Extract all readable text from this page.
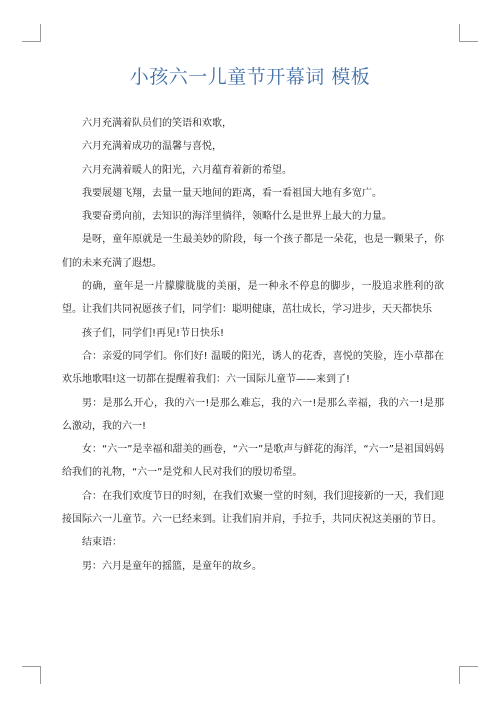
小孩六一儿童节开幕词 模板

六月充满着队员们的笑语和欢歌，

六月充满着成功的温馨与喜悦，

六月充满着暖人的阳光，六月蕴育着新的希望。

我要展翅飞翔，去量一量天地间的距离，看一看祖国大地有多宽广。

我要奋勇向前，去知识的海洋里徜徉，领略什么是世界上最大的力量。

是呀，童年原就是一生最美妙的阶段，每一个孩子都是一朵花，也是一颗果子，你们的未来充满了遐想。

的确，童年是一片朦朦胧胧的美丽，是一种永不停息的脚步，一股追求胜利的欲望。让我们共同祝愿孩子们，同学们：聪明健康，茁壮成长，学习进步，天天都快乐

孩子们，同学们!再见!节日快乐!

合：亲爱的同学们。你们好! 温暖的阳光，诱人的花香，喜悦的笑脸，连小草都在欢乐地歌唱!这一切都在提醒着我们：六一国际儿童节——来到了!

男：是那么开心，我的六一!是那么难忘，我的六一!是那么幸福，我的六一!是那么激动，我的六一!

女：“六一”是幸福和甜美的画卷，“六一”是歌声与鲜花的海洋，“六一”是祖国妈妈给我们的礼物，“六一”是党和人民对我们的殷切希望。

合：在我们欢度节日的时刻，在我们欢聚一堂的时刻，我们迎接新的一天，我们迎接国际六一儿童节。六一已经来到。让我们肩并肩，手拉手，共同庆祝这美丽的节日。

结束语：

男：六月是童年的摇篮，是童年的故乡。
